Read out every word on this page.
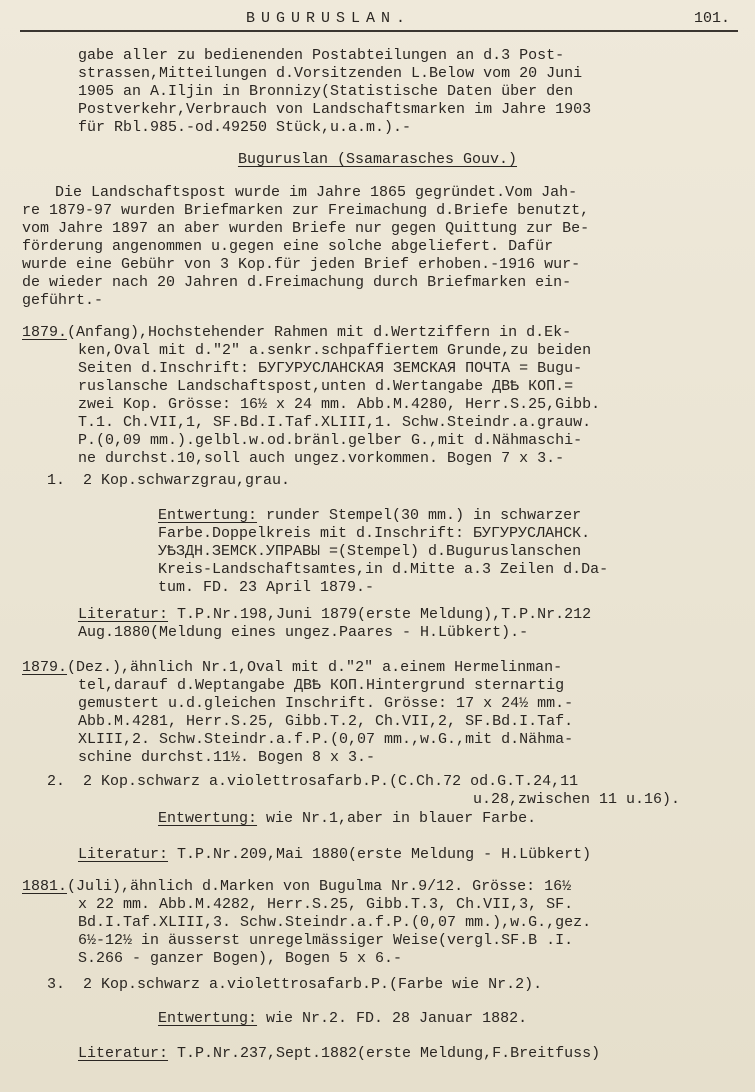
BUGURUSLAN.	101.
gabe aller zu bedienenden Postabteilungen an d.3 Post-
strassen,Mitteilungen d.Vorsitzenden L.Below vom 20 Juni
1905 an A.Iljin in Bronnizy(Statistische Daten über den
Postverkehr,Verbrauch von Landschaftsmarken im Jahre 1903
für Rbl.985.-od.49250 Stück,u.a.m.).-
Buguruslan (Ssamarasches Gouv.)
Die Landschaftspost wurde im Jahre 1865 gegründet.Vom Jah-
re 1879-97 wurden Briefmarken zur Freimachung d.Briefe benutzt,
vom Jahre 1897 an aber wurden Briefe nur gegen Quittung zur Be-
förderung angenommen u.gegen eine solche abgeliefert. Dafür
wurde eine Gebühr von 3 Kop.für jeden Brief erhoben.-1916 wur-
de wieder nach 20 Jahren d.Freimachung durch Briefmarken ein-
geführt.-
1879.(Anfang),Hochstehender Rahmen mit d.Wertziffern in d.Ek-
ken,Oval mit d."2" a.senkr.schpaffiertem Grunde,zu beiden
Seiten d.Inschrift: БУГУРУСЛАНСКАЯ ЗЕМСКАЯ ПОЧТА = Bugu-
ruslansche Landschaftspost,unten d.Wertangabe ДВѢ КОП.=
zwei Kop. Grösse: 16½ x 24 mm. Abb.M.4280, Herr.S.25,Gibb.
T.1. Ch.VII,1, SF.Bd.I.Taf.XLIII,1. Schw.Steindr.a.grauw.
P.(0,09 mm.).gelbl.w.od.bränl.gelber G.,mit d.Nähmaschi-
ne durchst.10,soll auch ungez.vorkommen. Bogen 7 x 3.-
1.  2 Kop.schwarzgrau,grau.
Entwertung: runder Stempel(30 mm.) in schwarzer
Farbe.Doppelkreis mit d.Inschrift: БУГУРУСЛАНСК.
УѢЗДН.ЗЕМСК.УПРАВЫ =(Stempel) d.Buguruslanschen
Kreis-Landschaftsamtes,in d.Mitte a.3 Zeilen d.Da-
tum. FD. 23 April 1879.-
Literatur: T.P.Nr.198,Juni 1879(erste Meldung),T.P.Nr.212
Aug.1880(Meldung eines ungez.Paares - H.Lübkert).-
1879.(Dez.),ähnlich Nr.1,Oval mit d."2" a.einem Hermelinman-
tel,darauf d.Weptangabe ДВѢ КОП.Hintergrund sternartig
gemustert u.d.gleichen Inschrift. Grösse: 17 x 24½ mm.-
Abb.M.4281, Herr.S.25, Gibb.T.2, Ch.VII,2, SF.Bd.I.Taf.
XLIII,2. Schw.Steindr.a.f.P.(0,07 mm.,w.G.,mit d.Nähma-
schine durchst.11½. Bogen 8 x 3.-
2.  2 Kop.schwarz a.violettrosafarb.P.(C.Ch.72 od.G.T.24,11
u.28,zwischen 11 u.16).
Entwertung: wie Nr.1,aber in blauer Farbe.
Literatur: T.P.Nr.209,Mai 1880(erste Meldung - H.Lübkert)
1881.(Juli),ähnlich d.Marken von Bugulma Nr.9/12. Grösse: 16½
x 22 mm. Abb.M.4282, Herr.S.25, Gibb.T.3, Ch.VII,3, SF.
Bd.I.Taf.XLIII,3. Schw.Steindr.a.f.P.(0,07 mm.),w.G.,gez.
6½-12½ in äusserst unregelmässiger Weise(vergl.SF.B .I.
S.266 - ganzer Bogen), Bogen 5 x 6.-
3.  2 Kop.schwarz a.violettrosafarb.P.(Farbe wie Nr.2).
Entwertung: wie Nr.2. FD. 28 Januar 1882.
Literatur: T.P.Nr.237,Sept.1882(erste Meldung,F.Breitfuss)
